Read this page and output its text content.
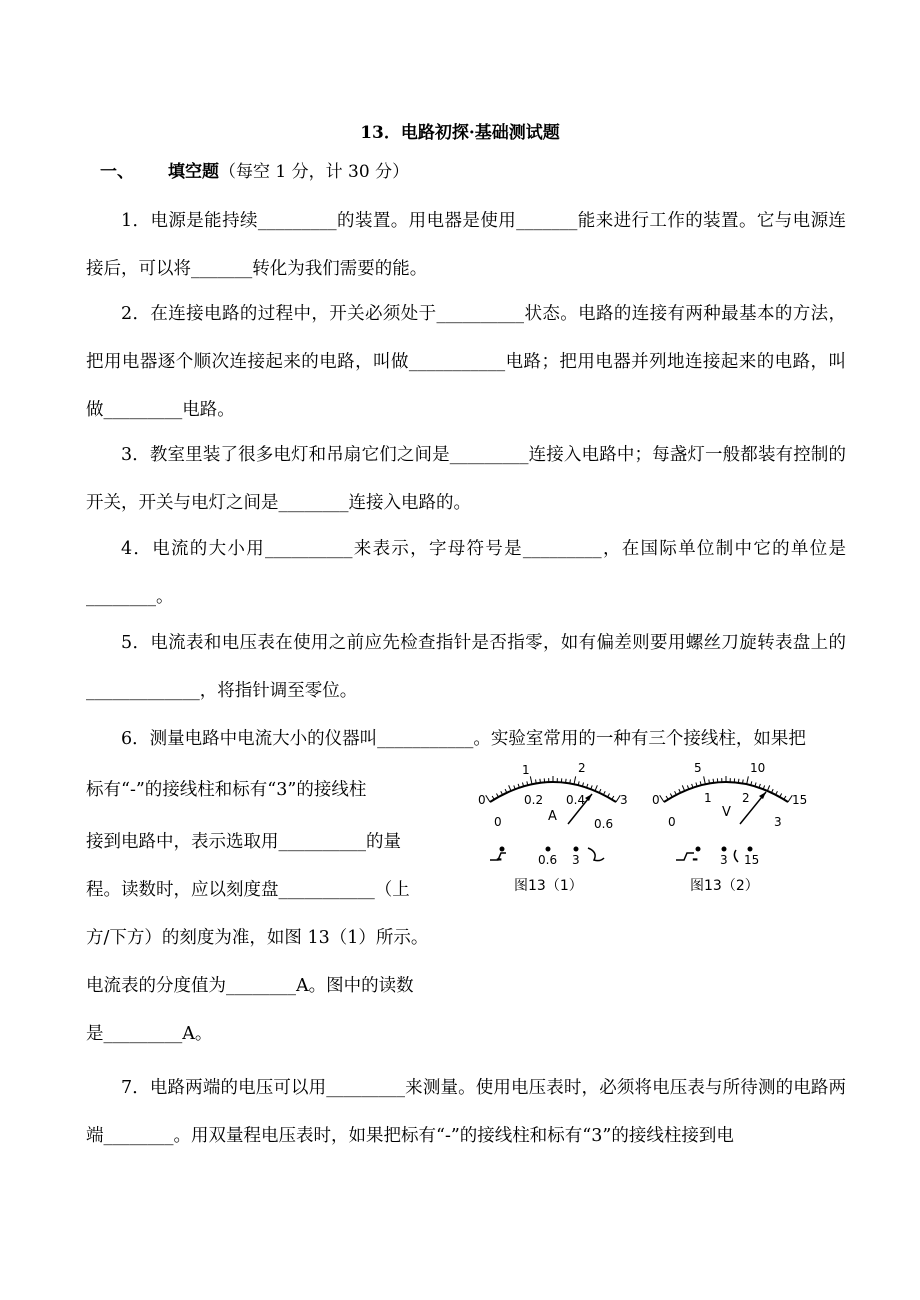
13．电路初探·基础测试题
一、 填空题（每空 1 分，计 30 分）
1．电源是能持续_________的装置。用电器是使用_______能来进行工作的装置。它与电源连接后，可以将_______转化为我们需要的能。
2．在连接电路的过程中，开关必须处于__________状态。电路的连接有两种最基本的方法，把用电器逐个顺次连接起来的电路，叫做___________电路；把用电器并列地连接起来的电路，叫做_________电路。
3．教室里装了很多电灯和吊扇它们之间是_________连接入电路中；每盏灯一般都装有控制的开关，开关与电灯之间是________连接入电路的。
4．电流的大小用__________来表示，字母符号是_________，在国际单位制中它的单位是________。
5．电流表和电压表在使用之前应先检查指针是否指零，如有偏差则要用螺丝刀旋转表盘上的_____________，将指针调至零位。
6．测量电路中电流大小的仪器叫___________。实验室常用的一种有三个接线柱，如果把
标有“-”的接线柱和标有“3”的接线柱
接到电路中，表示选取用__________的量
程。读数时，应以刻度盘___________（上
方/下方）的刻度为准，如图 13（1）所示。
电流表的分度值为________A。图中的读数
是_________A。
7．电路两端的电压可以用_________来测量。使用电压表时，必须将电压表与所待测的电路两端________。用双量程电压表时，如果把标有“-”的接线柱和标有“3”的接线柱接到电
0
1	2
3
0
0.2 0.4
0.6
A
-	0.6 3
图13（1）
0
5	10
15
0
1	2
3
V
- 3 15
图13（2）
